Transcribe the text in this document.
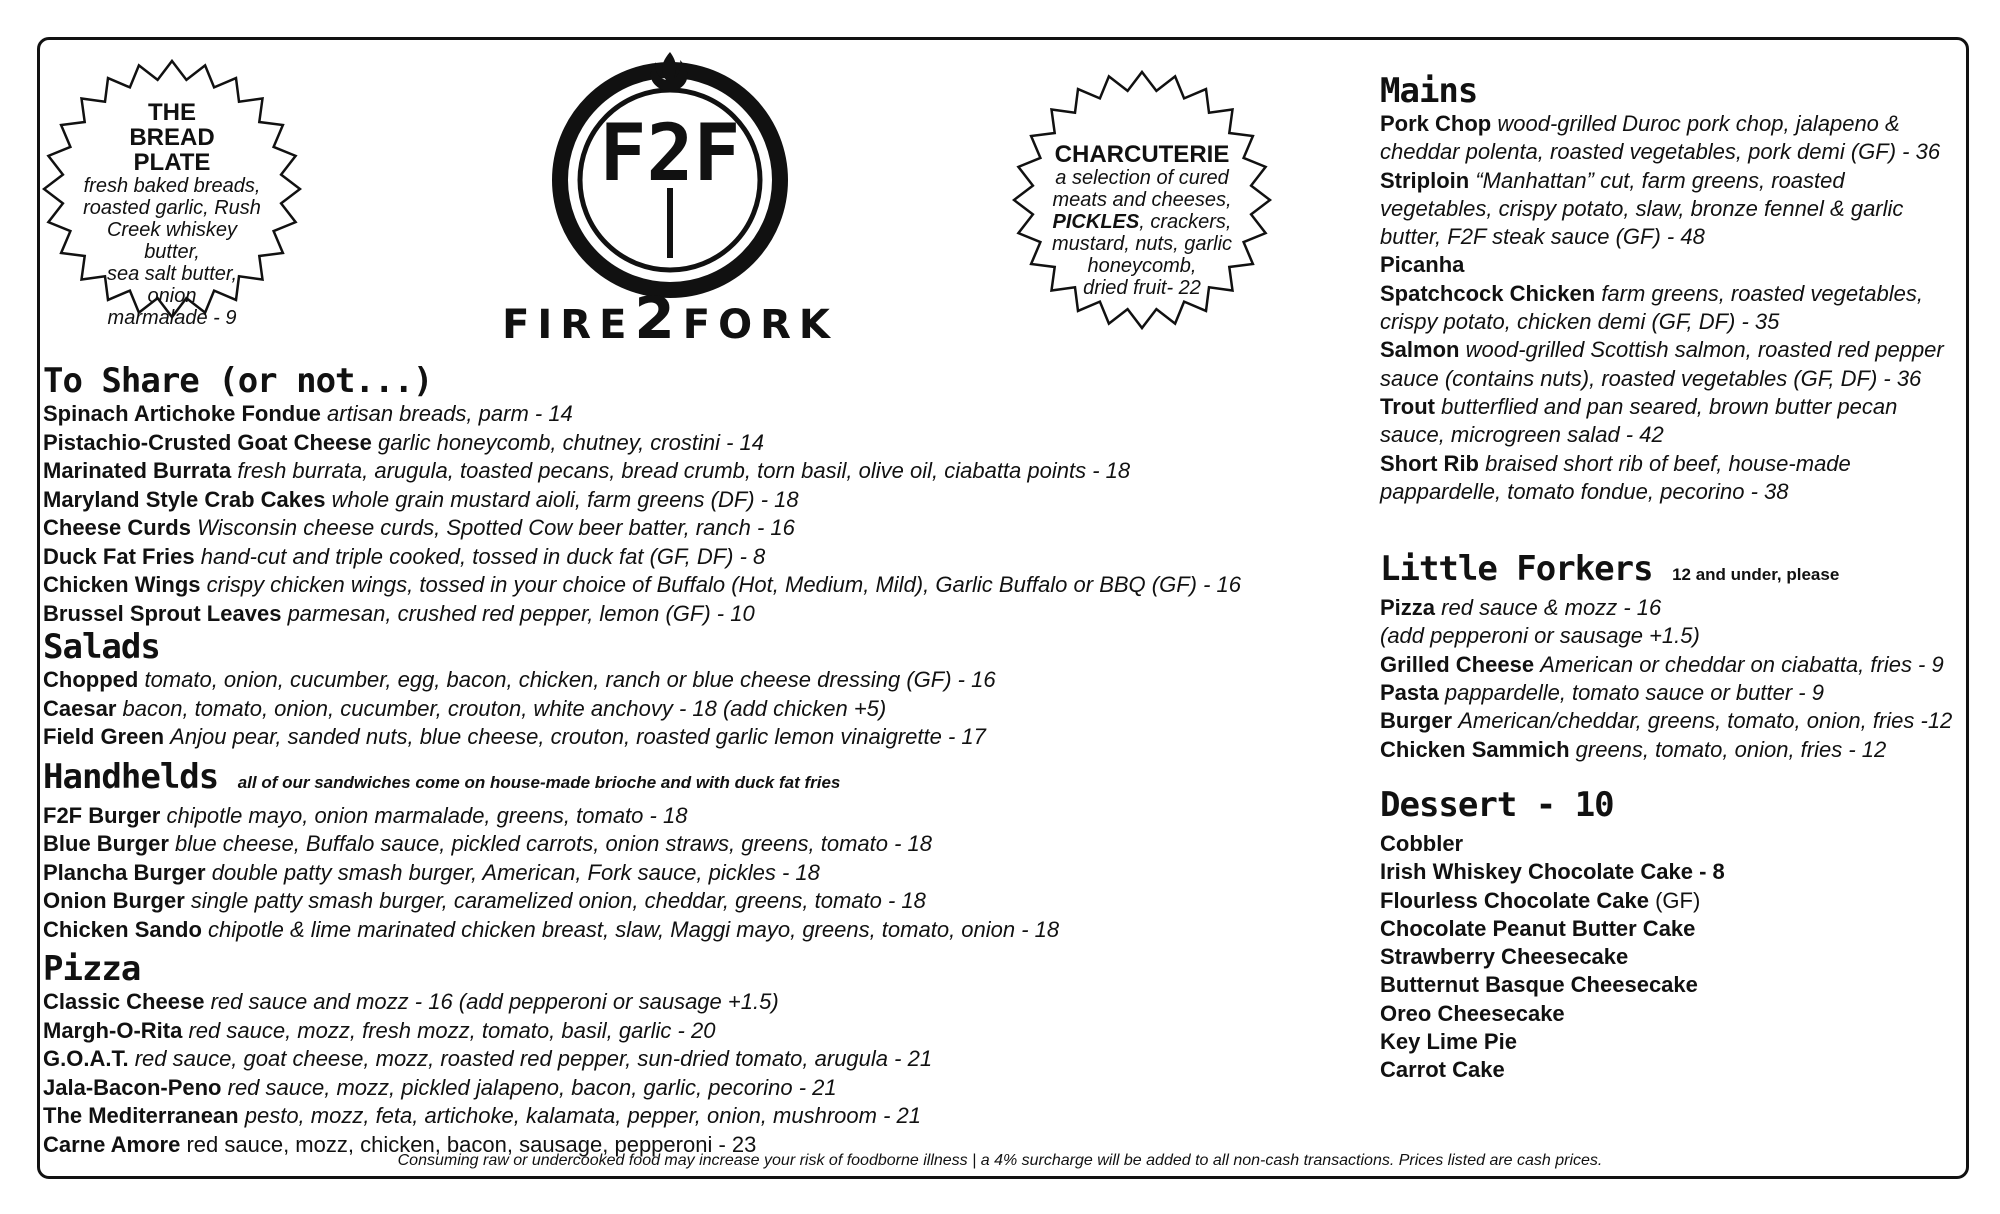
THE
BREAD
PLATE
fresh baked breads,
roasted garlic, Rush
Creek whiskey butter,
sea salt butter, onion
marmalade - 9
F2F
FIRE2FORK
CHARCUTERIE
a selection of cured
meats and cheeses,
PICKLES, crackers,
mustard, nuts, garlic
honeycomb,
dried fruit- 22
To Share (or not...)
Spinach Artichoke Fondue artisan breads, parm - 14
Pistachio-Crusted Goat Cheese garlic honeycomb, chutney, crostini - 14
Marinated Burrata fresh burrata, arugula, toasted pecans, bread crumb, torn basil, olive oil, ciabatta points - 18
Maryland Style Crab Cakes whole grain mustard aioli, farm greens (DF) - 18
Cheese Curds Wisconsin cheese curds, Spotted Cow beer batter, ranch - 16
Duck Fat Fries hand-cut and triple cooked, tossed in duck fat (GF, DF) - 8
Chicken Wings crispy chicken wings, tossed in your choice of Buffalo (Hot, Medium, Mild), Garlic Buffalo or BBQ (GF) - 16
Brussel Sprout Leaves parmesan, crushed red pepper, lemon (GF) - 10
Salads
Chopped tomato, onion, cucumber, egg, bacon, chicken, ranch or blue cheese dressing (GF) - 16
Caesar bacon, tomato, onion, cucumber, crouton, white anchovy - 18 (add chicken +5)
Field Green Anjou pear, sanded nuts, blue cheese, crouton, roasted garlic lemon vinaigrette - 17
Handhelds all of our sandwiches come on house-made brioche and with duck fat fries
F2F Burger chipotle mayo, onion marmalade, greens, tomato - 18
Blue Burger blue cheese, Buffalo sauce, pickled carrots, onion straws, greens, tomato - 18
Plancha Burger double patty smash burger, American, Fork sauce, pickles - 18
Onion Burger single patty smash burger, caramelized onion, cheddar, greens, tomato - 18
Chicken Sando chipotle & lime marinated chicken breast, slaw, Maggi mayo, greens, tomato, onion - 18
Pizza
Classic Cheese red sauce and mozz - 16 (add pepperoni or sausage +1.5)
Margh-O-Rita red sauce, mozz, fresh mozz, tomato, basil, garlic - 20
G.O.A.T. red sauce, goat cheese, mozz, roasted red pepper, sun-dried tomato, arugula - 21
Jala-Bacon-Peno red sauce, mozz, pickled jalapeno, bacon, garlic, pecorino - 21
The Mediterranean pesto, mozz, feta, artichoke, kalamata, pepper, onion, mushroom - 21
Carne Amore red sauce, mozz, chicken, bacon, sausage, pepperoni - 23
Mains
Pork Chop wood-grilled Duroc pork chop, jalapeno & cheddar polenta, roasted vegetables, pork demi (GF) - 36
Striploin “Manhattan” cut, farm greens, roasted vegetables, crispy potato, slaw, bronze fennel & garlic butter, F2F steak sauce (GF) - 48
Picanha
Spatchcock Chicken farm greens, roasted vegetables, crispy potato, chicken demi (GF, DF) - 35
Salmon wood-grilled Scottish salmon, roasted red pepper sauce (contains nuts), roasted vegetables (GF, DF) - 36
Trout butterflied and pan seared, brown butter pecan sauce, microgreen salad - 42
Short Rib braised short rib of beef, house-made pappardelle, tomato fondue, pecorino - 38
Little Forkers 12 and under, please
Pizza red sauce & mozz - 16
(add pepperoni or sausage +1.5)
Grilled Cheese American or cheddar on ciabatta, fries - 9
Pasta pappardelle, tomato sauce or butter - 9
Burger American/cheddar, greens, tomato, onion, fries -12
Chicken Sammich greens, tomato, onion, fries - 12
Dessert - 10
Cobbler
Irish Whiskey Chocolate Cake - 8
Flourless Chocolate Cake (GF)
Chocolate Peanut Butter Cake
Strawberry Cheesecake
Butternut Basque Cheesecake
Oreo Cheesecake
Key Lime Pie
Carrot Cake
Consuming raw or undercooked food may increase your risk of foodborne illness | a 4% surcharge will be added to all non-cash transactions. Prices listed are cash prices.
